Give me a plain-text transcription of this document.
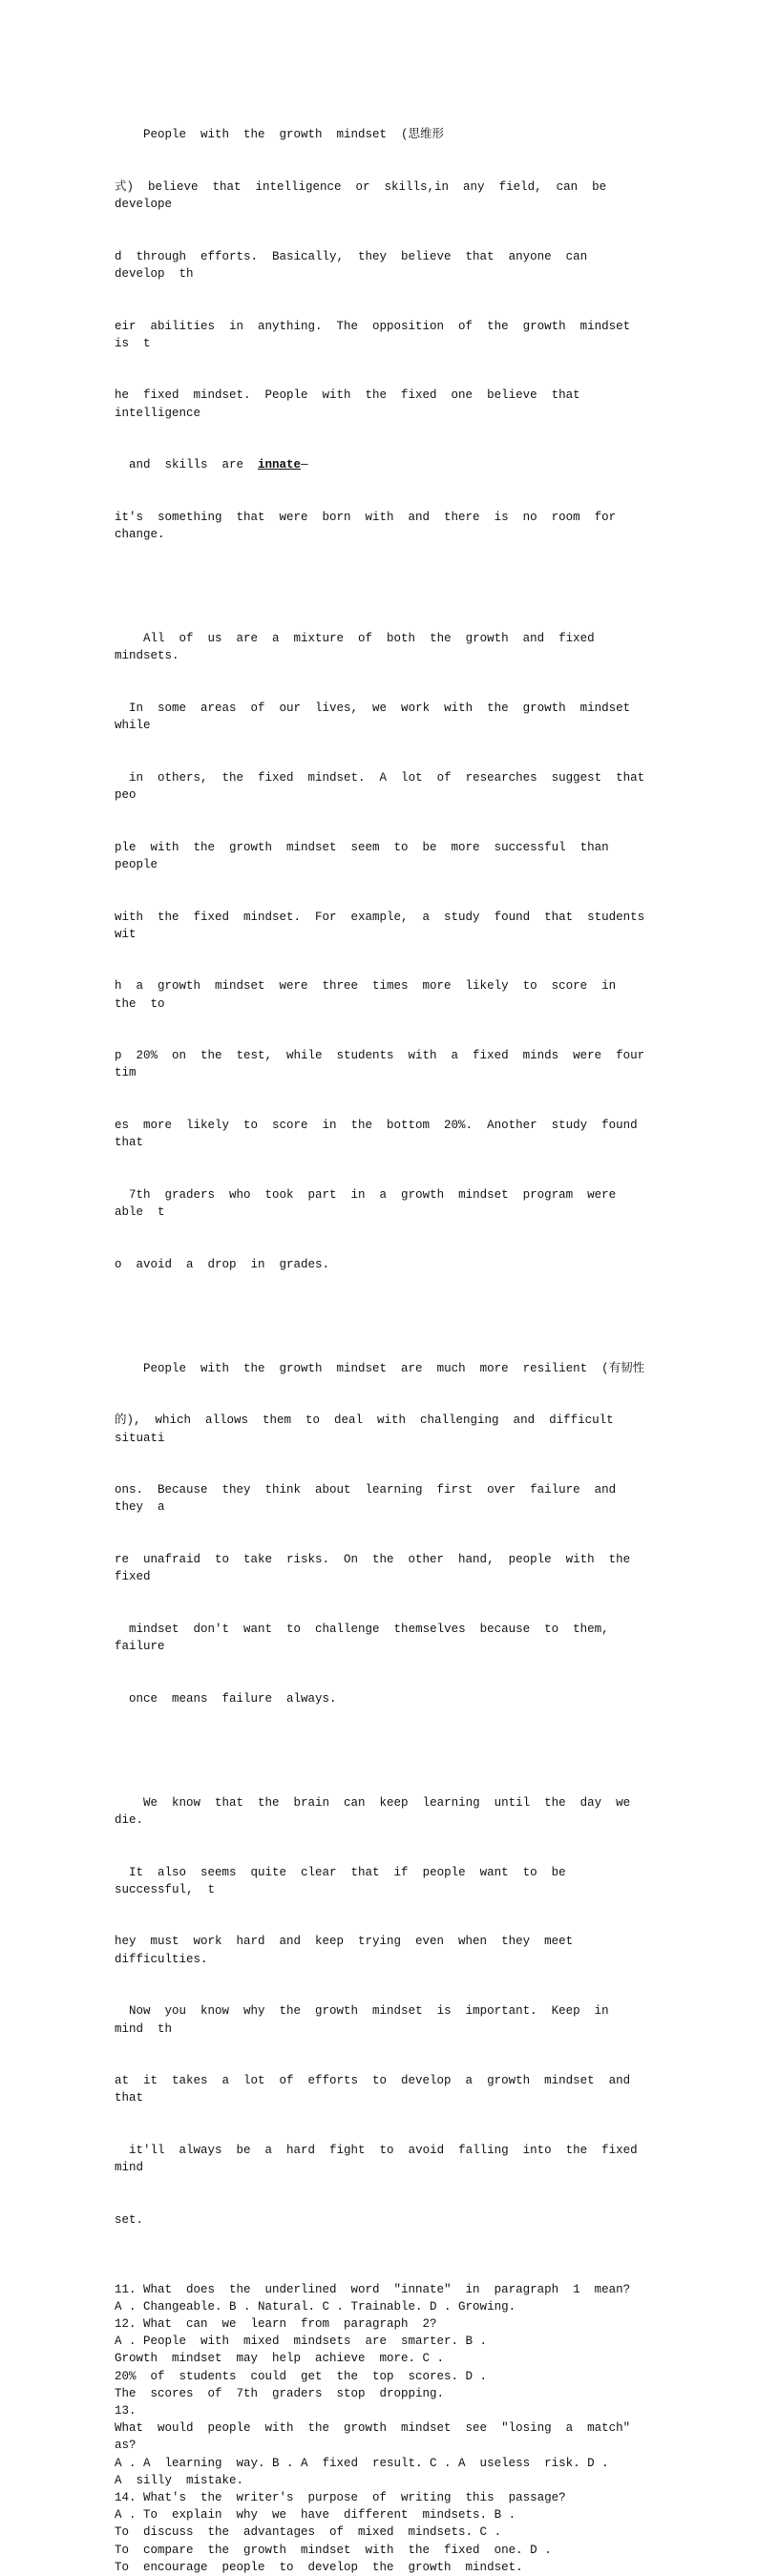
People  with  the  growth  mindset  (思维形

式)  believe  that  intelligence  or  skills,in  any  field,  can  be  develope

d  through  efforts.  Basically,  they  believe  that  anyone  can  develop  th

eir  abilities  in  anything.  The  opposition  of  the  growth  mindset  is  t

he  fixed  mindset.  People  with  the  fixed  one  believe  that  intelligence

and  skills  are  innate—

it's  something  that  were  born  with  and  there  is  no  room  for  change.

All  of  us  are  a  mixture  of  both  the  growth  and  fixed  mindsets.

In  some  areas  of  our  lives,  we  work  with  the  growth  mindset  while

in  others,  the  fixed  mindset.  A  lot  of  researches  suggest  that  peo

ple  with  the  growth  mindset  seem  to  be  more  successful  than  people

with  the  fixed  mindset.  For  example,  a  study  found  that  students  wit

h  a  growth  mindset  were  three  times  more  likely  to  score  in  the  to

p  20%  on  the  test,  while  students  with  a  fixed  minds  were  four  tim

es  more  likely  to  score  in  the  bottom  20%.  Another  study  found  that

7th  graders  who  took  part  in  a  growth  mindset  program  were  able  t

o  avoid  a  drop  in  grades.

People  with  the  growth  mindset  are  much  more  resilient  (有韧性

的),  which  allows  them  to  deal  with  challenging  and  difficult  situati

ons.  Because  they  think  about  learning  first  over  failure  and  they  a

re  unafraid  to  take  risks.  On  the  other  hand,  people  with  the  fixed

mindset  don't  want  to  challenge  themselves  because  to  them,  failure

once  means  failure  always.

We  know  that  the  brain  can  keep  learning  until  the  day  we  die.

It  also  seems  quite  clear  that  if  people  want  to  be  successful,  t

hey  must  work  hard  and  keep  trying  even  when  they  meet  difficulties.

Now  you  know  why  the  growth  mindset  is  important.  Keep  in  mind  th

at  it  takes  a  lot  of  efforts  to  develop  a  growth  mindset  and  that

it'll  always  be  a  hard  fight  to  avoid  falling  into  the  fixed  mind

set.

11. What  does  the  underlined  word  "innate"  in  paragraph  1  mean?
A . Changeable. B . Natural. C . Trainable. D . Growing.
12. What  can  we  learn  from  paragraph  2?
A . People  with  mixed  mindsets  are  smarter. B .
Growth  mindset  may  help  achieve  more. C .
20%  of  students  could  get  the  top  scores. D .
The  scores  of  7th  graders  stop  dropping.
13.
What  would  people  with  the  growth  mindset  see  "losing  a  match"  as?
A . A  learning  way. B . A  fixed  result. C . A  useless  risk. D .
A  silly  mistake.
14. What's  the  writer's  purpose  of  writing  this  passage?
A . To  explain  why  we  have  different  mindsets. B .
To  discuss  the  advantages  of  mixed  mindsets. C .
To  compare  the  growth  mindset  with  the  fixed  one. D .
To  encourage  people  to  develop  the  growth  mindset.
